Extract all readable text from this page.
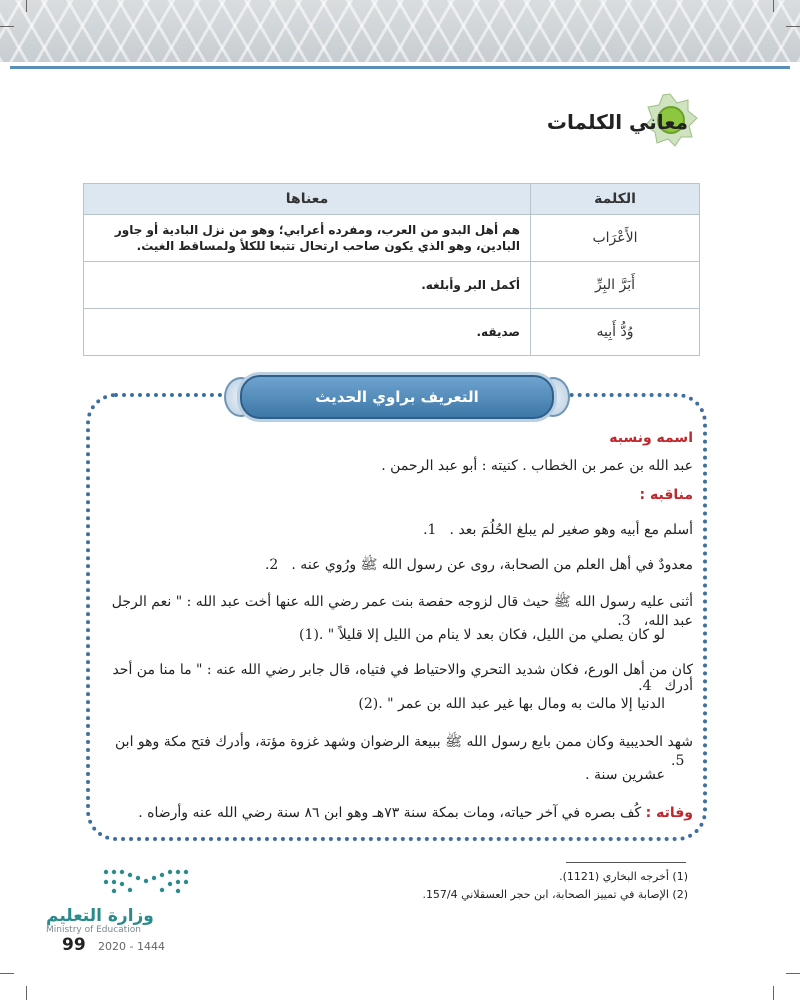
معاني الكلمات
الكلمة	معناها
الأَعْرَاب	هم أهل البدو من العرب، ومفرده أعرابي؛ وهو من نزل البادية أو جاور البادين، وهو الذي يكون صاحب ارتحال تتبعا للكلأ ولمساقط الغيث.
أَبَرَّ البِرِّ	أكمل البر وأبلغه.
وُدُّ أَبِيه	صديقه.
التعريف براوي الحديث
اسمه ونسبه
عبد الله بن عمر بن الخطاب . كنيته : أبو عبد الرحمن .
مناقبه :
أسلم مع أبيه وهو صغير لم يبلغ الحُلُمَ بعد . 1.
معدودٌ في أهل العلم من الصحابة، روى عن رسول الله ﷺ ورُوي عنه . 2.
أثنى عليه رسول الله ﷺ حيث قال لزوجه حفصة بنت عمر رضي الله عنها أخت عبد الله : " نعم الرجل عبد الله، 3.
لو كان يصلي من الليل، فكان بعد لا ينام من الليل إلا قليلاً " .(1)
كان من أهل الورع، فكان شديد التحري والاحتياط في فتياه، قال جابر رضي الله عنه : " ما منا من أحد أدرك 4.
الدنيا إلا مالت به ومال بها غير عبد الله بن عمر " .(2)
شهد الحديبية وكان ممن بايع رسول الله ﷺ ببيعة الرضوان وشهد غزوة مؤتة، وأدرك فتح مكة وهو ابن 5.
عشرين سنة .
وفاته : كُف بصره في آخر حياته، ومات بمكة سنة ٧٣هـ وهو ابن ٨٦ سنة رضي الله عنه وأرضاه .
(1) أخرجه البخاري (1121).
(2) الإصابة في تمييز الصحابة، ابن حجر العسقلاني 157/4.
وزارة التعليم
Ministry of Education
99 2020 - 1444
